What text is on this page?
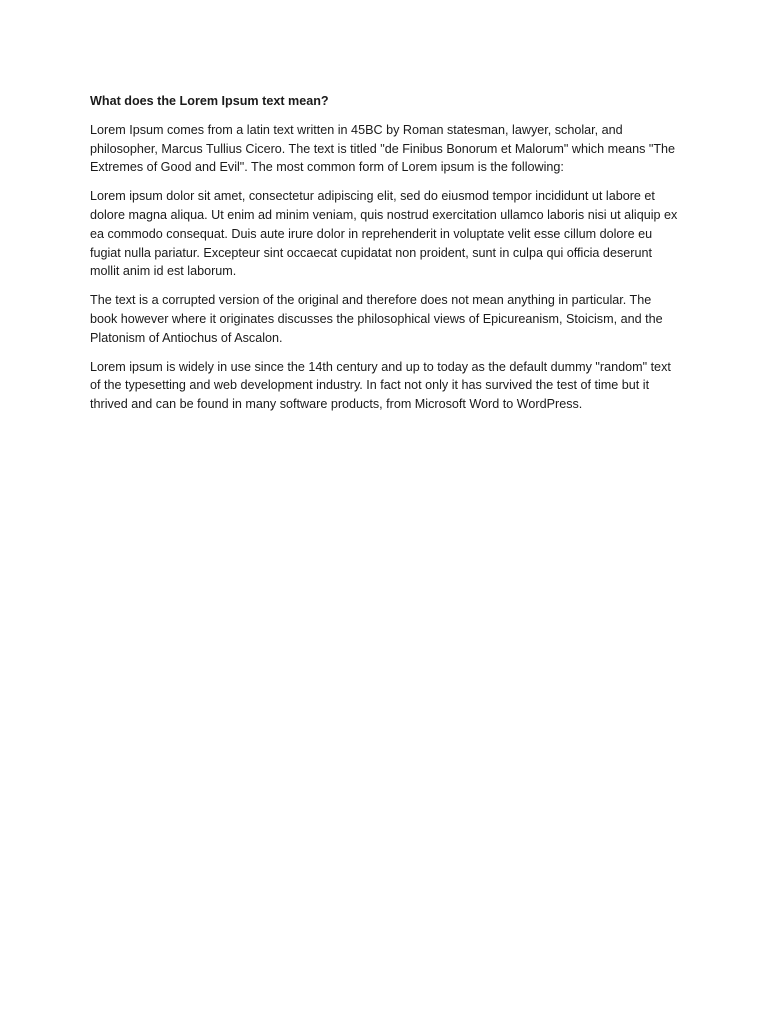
What does the Lorem Ipsum text mean?

Lorem Ipsum comes from a latin text written in 45BC by Roman statesman, lawyer, scholar, and philosopher, Marcus Tullius Cicero. The text is titled "de Finibus Bonorum et Malorum" which means "The Extremes of Good and Evil". The most common form of Lorem ipsum is the following:

Lorem ipsum dolor sit amet, consectetur adipiscing elit, sed do eiusmod tempor incididunt ut labore et dolore magna aliqua. Ut enim ad minim veniam, quis nostrud exercitation ullamco laboris nisi ut aliquip ex ea commodo consequat. Duis aute irure dolor in reprehenderit in voluptate velit esse cillum dolore eu fugiat nulla pariatur. Excepteur sint occaecat cupidatat non proident, sunt in culpa qui officia deserunt mollit anim id est laborum.

The text is a corrupted version of the original and therefore does not mean anything in particular. The book however where it originates discusses the philosophical views of Epicureanism, Stoicism, and the Platonism of Antiochus of Ascalon.

Lorem ipsum is widely in use since the 14th century and up to today as the default dummy "random" text of the typesetting and web development industry. In fact not only it has survived the test of time but it thrived and can be found in many software products, from Microsoft Word to WordPress.
